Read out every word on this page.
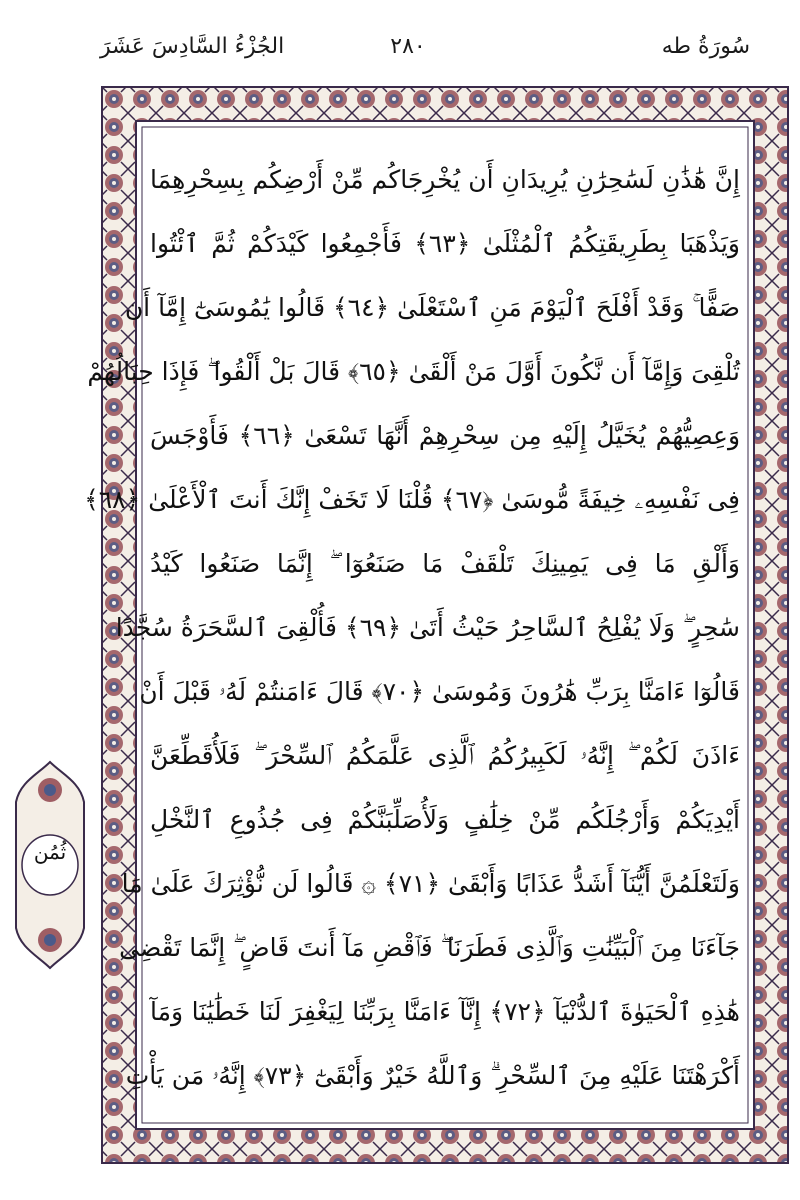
الجُزْءُ السَّادِسَ عَشَرَ	٢٨٠	سُورَةُ طه
إِنَّ هَٰذَٰنِ لَسَٰحِرَٰنِ يُرِيدَانِ أَن يُخْرِجَاكُم مِّنْ أَرْضِكُم بِسِحْرِهِمَا
وَيَذْهَبَا بِطَرِيقَتِكُمُ ٱلْمُثْلَىٰ ﴿٦٣﴾ فَأَجْمِعُوا كَيْدَكُمْ ثُمَّ ٱئْتُوا
صَفًّا ۚ وَقَدْ أَفْلَحَ ٱلْيَوْمَ مَنِ ٱسْتَعْلَىٰ ﴿٦٤﴾ قَالُوا يَٰمُوسَىٰٓ إِمَّآ أَن
تُلْقِىَ وَإِمَّآ أَن نَّكُونَ أَوَّلَ مَنْ أَلْقَىٰ ﴿٦٥﴾ قَالَ بَلْ أَلْقُوا ۖ فَإِذَا حِبَالُهُمْ
وَعِصِيُّهُمْ يُخَيَّلُ إِلَيْهِ مِن سِحْرِهِمْ أَنَّهَا تَسْعَىٰ ﴿٦٦﴾ فَأَوْجَسَ
فِى نَفْسِهِۦ خِيفَةً مُّوسَىٰ ﴿٦٧﴾ قُلْنَا لَا تَخَفْ إِنَّكَ أَنتَ ٱلْأَعْلَىٰ ﴿٦٨﴾
وَأَلْقِ مَا فِى يَمِينِكَ تَلْقَفْ مَا صَنَعُوٓا ۖ إِنَّمَا صَنَعُوا كَيْدُ
سَٰحِرٍ ۖ وَلَا يُفْلِحُ ٱلسَّاحِرُ حَيْثُ أَتَىٰ ﴿٦٩﴾ فَأُلْقِىَ ٱلسَّحَرَةُ سُجَّدًا
قَالُوٓا ءَامَنَّا بِرَبِّ هَٰرُونَ وَمُوسَىٰ ﴿٧٠﴾ قَالَ ءَامَنتُمْ لَهُۥ قَبْلَ أَنْ
ءَاذَنَ لَكُمْ ۖ إِنَّهُۥ لَكَبِيرُكُمُ ٱلَّذِى عَلَّمَكُمُ ٱلسِّحْرَ ۖ فَلَأُقَطِّعَنَّ
أَيْدِيَكُمْ وَأَرْجُلَكُم مِّنْ خِلَٰفٍ وَلَأُصَلِّبَنَّكُمْ فِى جُذُوعِ ٱلنَّخْلِ
وَلَتَعْلَمُنَّ أَيُّنَآ أَشَدُّ عَذَابًا وَأَبْقَىٰ ﴿٧١﴾ ۞ قَالُوا لَن نُّؤْثِرَكَ عَلَىٰ مَا
جَآءَنَا مِنَ ٱلْبَيِّنَٰتِ وَٱلَّذِى فَطَرَنَا ۖ فَٱقْضِ مَآ أَنتَ قَاضٍ ۖ إِنَّمَا تَقْضِى
هَٰذِهِ ٱلْحَيَوٰةَ ٱلدُّنْيَآ ﴿٧٢﴾ إِنَّآ ءَامَنَّا بِرَبِّنَا لِيَغْفِرَ لَنَا خَطَٰيَٰنَا وَمَآ
أَكْرَهْتَنَا عَلَيْهِ مِنَ ٱلسِّحْرِ ۗ وَٱللَّهُ خَيْرٌ وَأَبْقَىٰٓ ﴿٧٣﴾ إِنَّهُۥ مَن يَأْتِ
ثُمُن
